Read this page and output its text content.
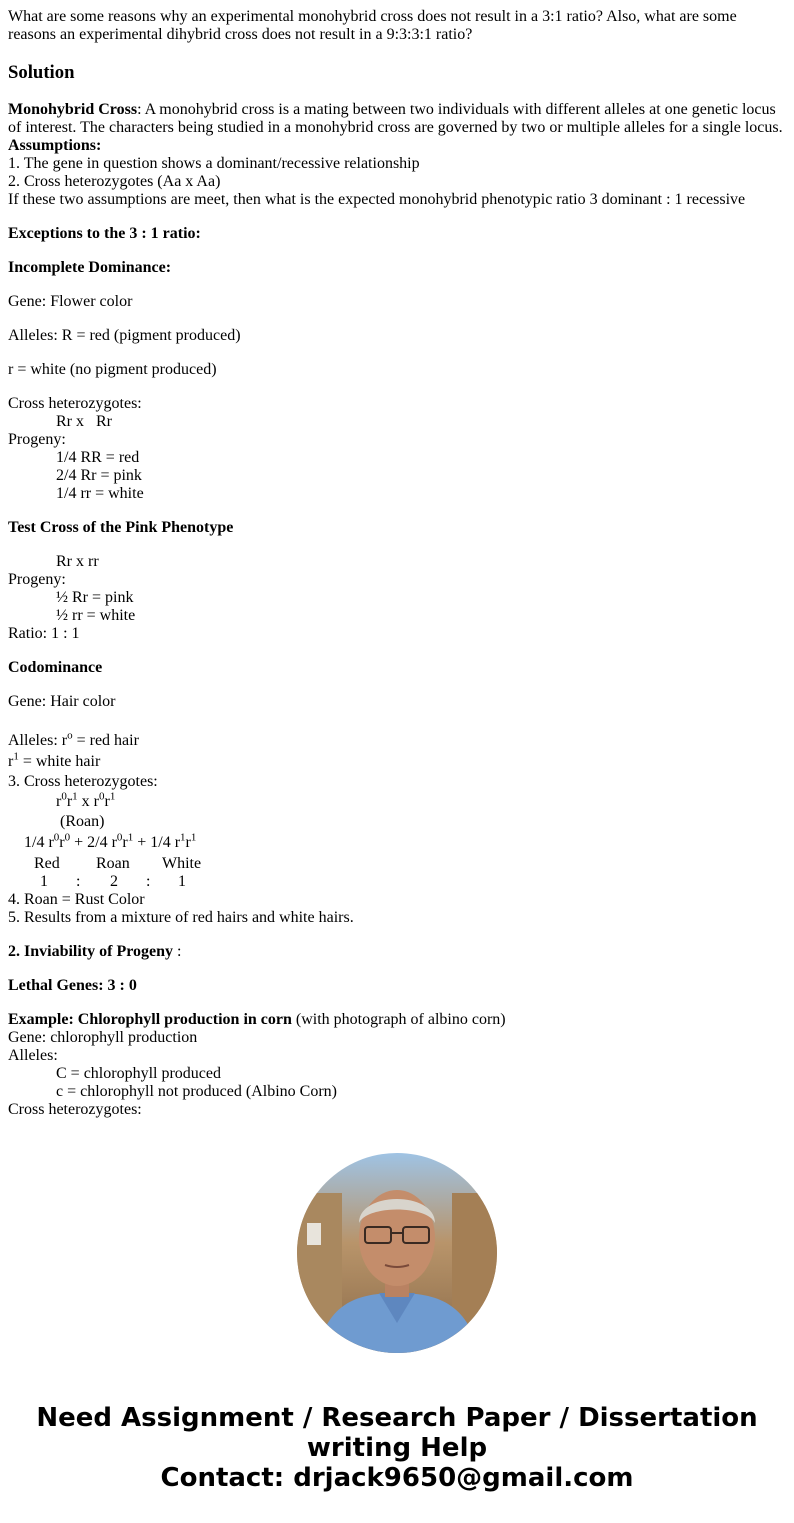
What are some reasons why an experimental monohybrid cross does not result in a 3:1 ratio? Also, what are some reasons an experimental dihybrid cross does not result in a 9:3:3:1 ratio?

Solution

Monohybrid Cross: A monohybrid cross is a mating between two individuals with different alleles at one genetic locus of interest. The characters being studied in a monohybrid cross are governed by two or multiple alleles for a single locus.

Assumptions:

1. The gene in question shows a dominant/recessive relationship

2. Cross heterozygotes (Aa x Aa)

If these two assumptions are meet, then what is the expected monohybrid phenotypic ratio 3 dominant : 1 recessive

Exceptions to the 3 : 1 ratio:

Incomplete Dominance:

Gene: Flower color

Alleles: R = red (pigment produced)

r = white (no pigment produced)

Cross heterozygotes:

Rr x   Rr

Progeny:

1/4 RR = red

2/4 Rr = pink

1/4 rr = white

Test Cross of the Pink Phenotype

Rr x rr

Progeny:

½ Rr = pink

½ rr = white

Ratio: 1 : 1

Codominance

Gene: Hair color

Alleles: $r^o$ = red hair

$r^1$ = white hair

3. Cross heterozygotes:

$r^0r^1$ x $r^0r^1$

(Roan)

1/4 $r^0r^0 + 2/4$ $r^0r^1 + 1/4$ $r^1r^1$

Red	Roan	White
1	:	2	:	1

4. Roan = Rust Color

5. Results from a mixture of red hairs and white hairs.

2. Inviability of Progeny :

Lethal Genes: 3 : 0

Example: Chlorophyll production in corn (with photograph of albino corn)

Gene: chlorophyll production

Alleles:

C = chlorophyll produced

c = chlorophyll not produced (Albino Corn)

Cross heterozygotes:

Need Assignment / Research Paper / Dissertation
writing Help
Contact: drjack9650@gmail.com
